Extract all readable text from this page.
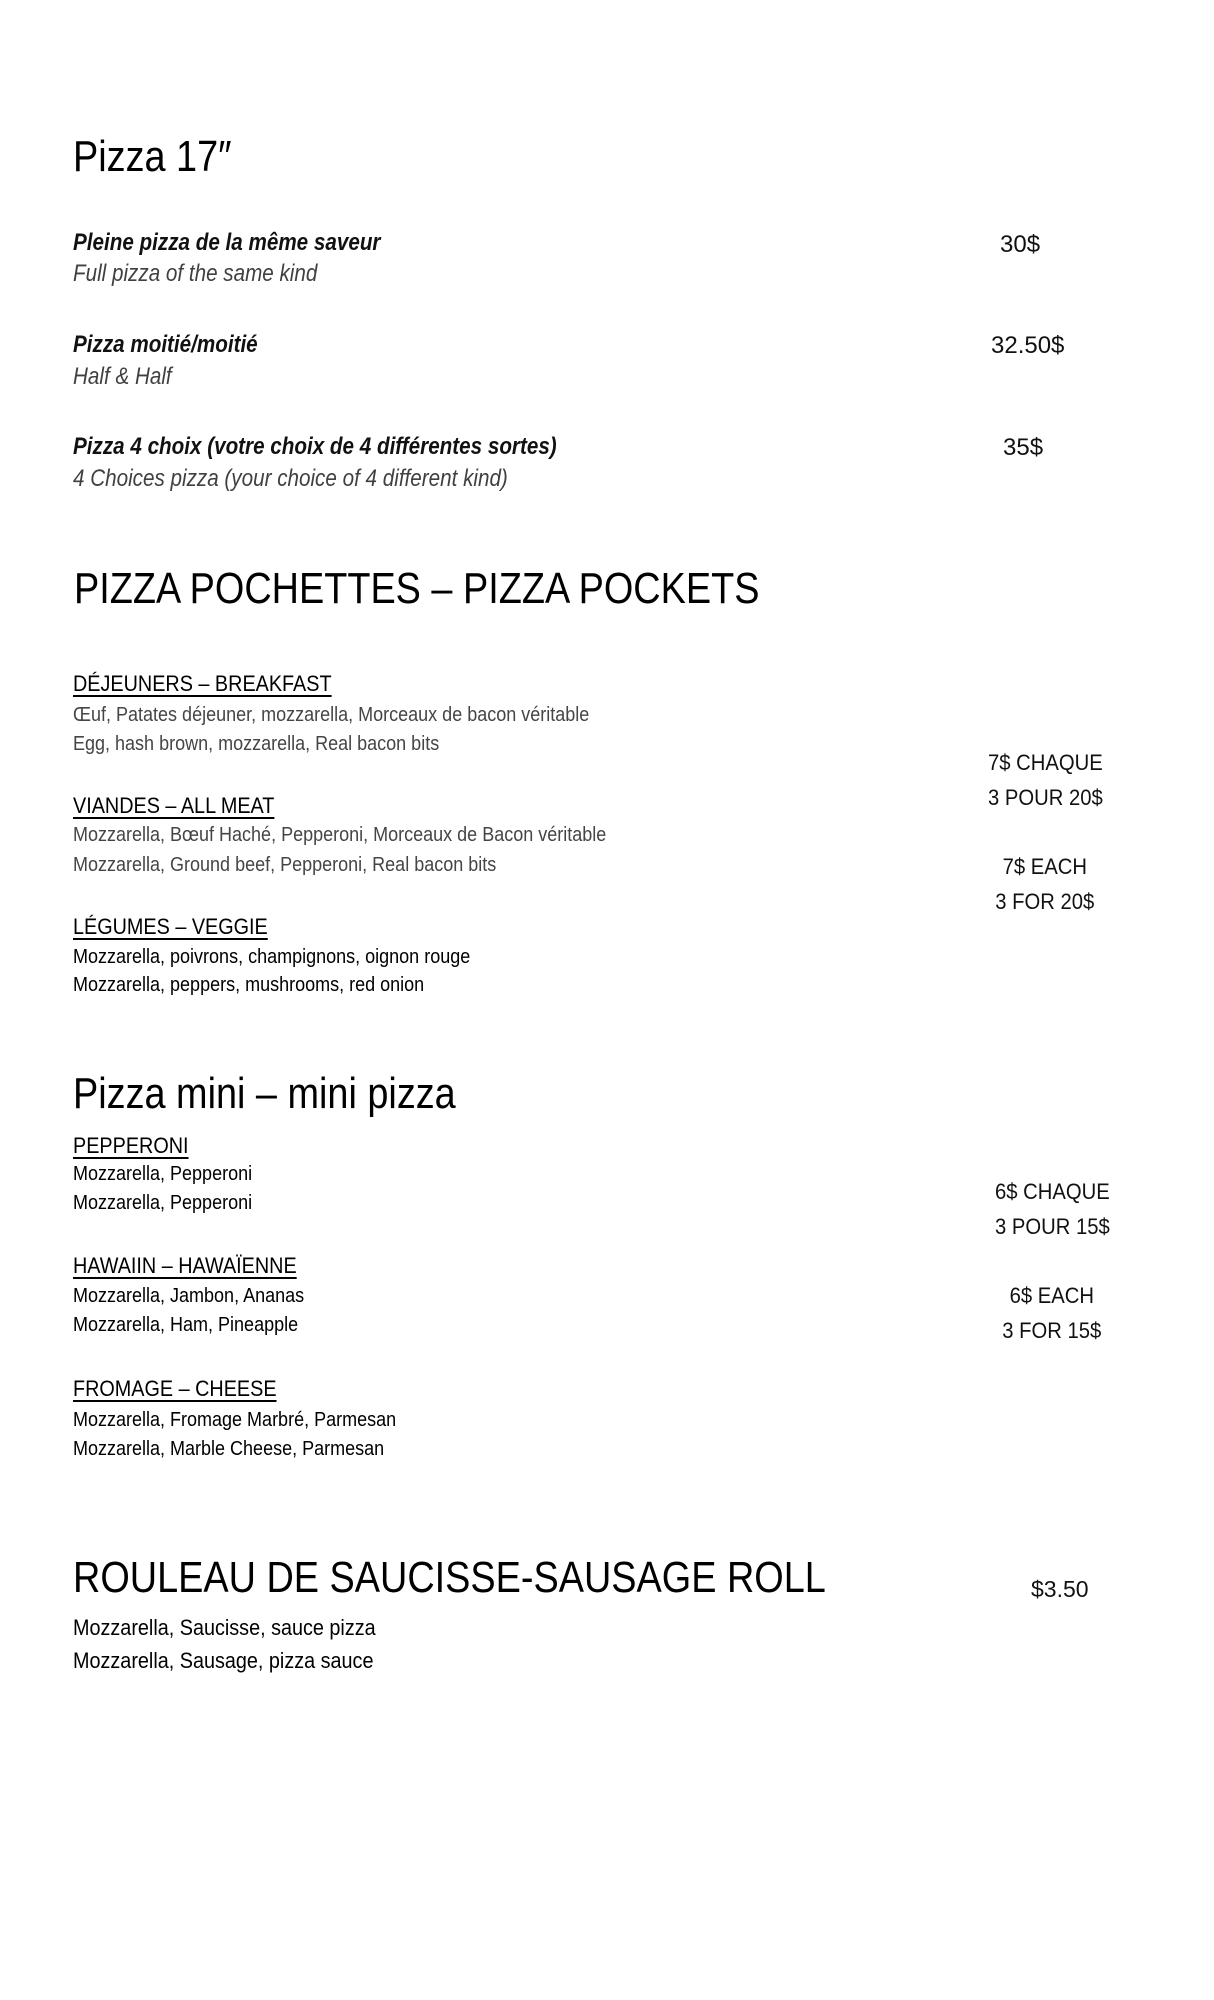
Pizza 17″
Pleine pizza de la même saveur
Full pizza of the same kind
30$
Pizza moitié/moitié
Half & Half
32.50$
Pizza 4 choix (votre choix de 4 différentes sortes)
4 Choices pizza (your choice of 4 different kind)
35$
PIZZA POCHETTES – PIZZA POCKETS
DÉJEUNERS – BREAKFAST
Œuf, Patates déjeuner, mozzarella, Morceaux de bacon véritable
Egg, hash brown, mozzarella, Real bacon bits
VIANDES – ALL MEAT
Mozzarella, Bœuf Haché, Pepperoni, Morceaux de Bacon véritable
Mozzarella, Ground beef, Pepperoni, Real bacon bits
LÉGUMES – VEGGIE
Mozzarella, poivrons, champignons, oignon rouge
Mozzarella, peppers, mushrooms, red onion
7$ CHAQUE
3 POUR 20$
7$ EACH
3 FOR 20$
Pizza mini – mini pizza
PEPPERONI
Mozzarella, Pepperoni
Mozzarella, Pepperoni
HAWAIIN – HAWAÏENNE
Mozzarella, Jambon, Ananas
Mozzarella, Ham, Pineapple
FROMAGE – CHEESE
Mozzarella, Fromage Marbré, Parmesan
Mozzarella, Marble Cheese, Parmesan
6$ CHAQUE
3 POUR 15$
6$ EACH
3 FOR 15$
ROULEAU DE SAUCISSE-SAUSAGE ROLL	$3.50
Mozzarella, Saucisse, sauce pizza
Mozzarella, Sausage, pizza sauce
